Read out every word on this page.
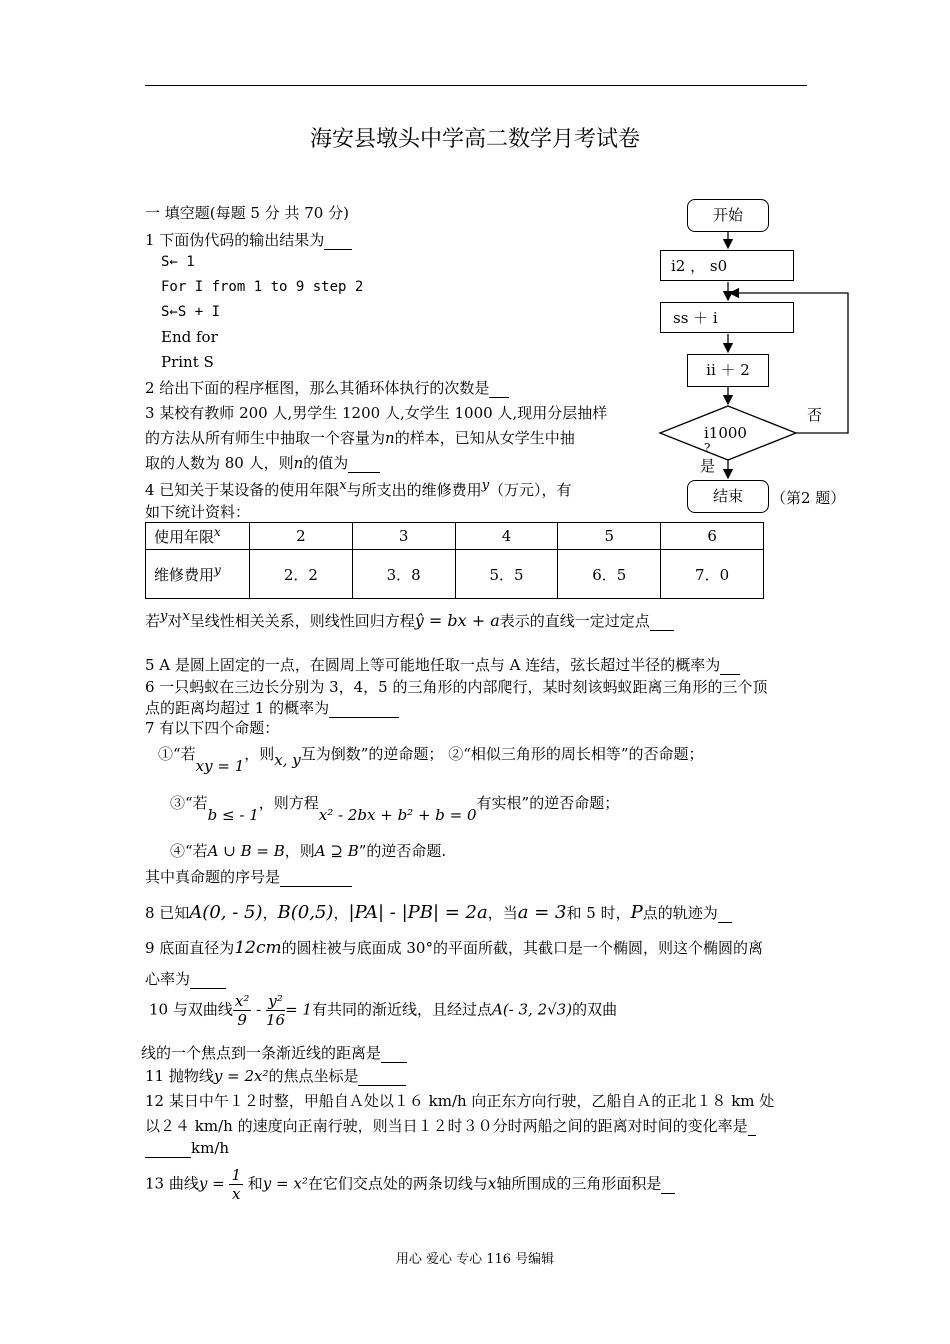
海安县墩头中学高二数学月考试卷
一 填空题(每题 5 分 共 70 分)
1 下面伪代码的输出结果为
S← 1
For I from 1 to 9 step 2
S←S + I
End for
Print S
2 给出下面的程序框图，那么其循环体执行的次数是
3 某校有教师 200 人,男学生 1200 人,女学生 1000 人,现用分层抽样
的方法从所有师生中抽取一个容量为n的样本，已知从女学生中抽
取的人数为 80 人，则n的值为
4 已知关于某设备的使用年限$^x$与所支出的维修费用$^y$（万元），有
如下统计资料：
使用年限$^x$	2	3	4	5	6
维修费用$^y$	2．2	3．8	5．5	6．5	7．0
若$^y$对$^x$呈线性相关关系，则线性回归方程ŷ = bx + a表示的直线一定过定点
5 A 是圆上固定的一点，在圆周上等可能地任取一点与 A 连结，弦长超过半径的概率为
6 一只蚂蚁在三边长分别为 3，4，5 的三角形的内部爬行，某时刻该蚂蚁距离三角形的三个顶
点的距离均超过 1 的概率为
7 有以下四个命题：
①“若xy = 1，则x, y互为倒数”的逆命题； ②“相似三角形的周长相等”的否命题；
③“若b ≤ - 1，则方程x² - 2bx + b² + b = 0有实根”的逆否命题；
④“若A ∪ B = B，则A ⊇ B”的逆否命题.
其中真命题的序号是
8 已知A(0, - 5)，B(0,5)，|PA| - |PB| = 2a，当a = 3和 5 时，P点的轨迹为
9 底面直径为12cm的圆柱被与底面成 30°的平面所截，其截口是一个椭圆，则这个椭圆的离
心率为
10 与双曲线 $\frac{\text{x²}}{9} - \frac{\text{y²}}{16} = 1$有共同的渐近线，且经过点A(- 3, 2√3)的双曲
线的一个焦点到一条渐近线的距离是
11 抛物线y = 2x²的焦点坐标是
12 某日中午１２时整，甲船自Ａ处以１６ km/h 向正东方向行驶，乙船自Ａ的正北１８ km 处
以２４ km/h 的速度向正南行驶，则当日１２时３０分时两船之间的距离对时间的变化率是
km/h
13 曲线$y = \frac{1}{x}$ 和y = x²在它们交点处的两条切线与x轴所围成的三角形面积是
开始
i2 ， s0
ss ＋ i
ii ＋ 2
i1000
?
否
是
结束	（第2 题）
用心 爱心 专心 116 号编辑
